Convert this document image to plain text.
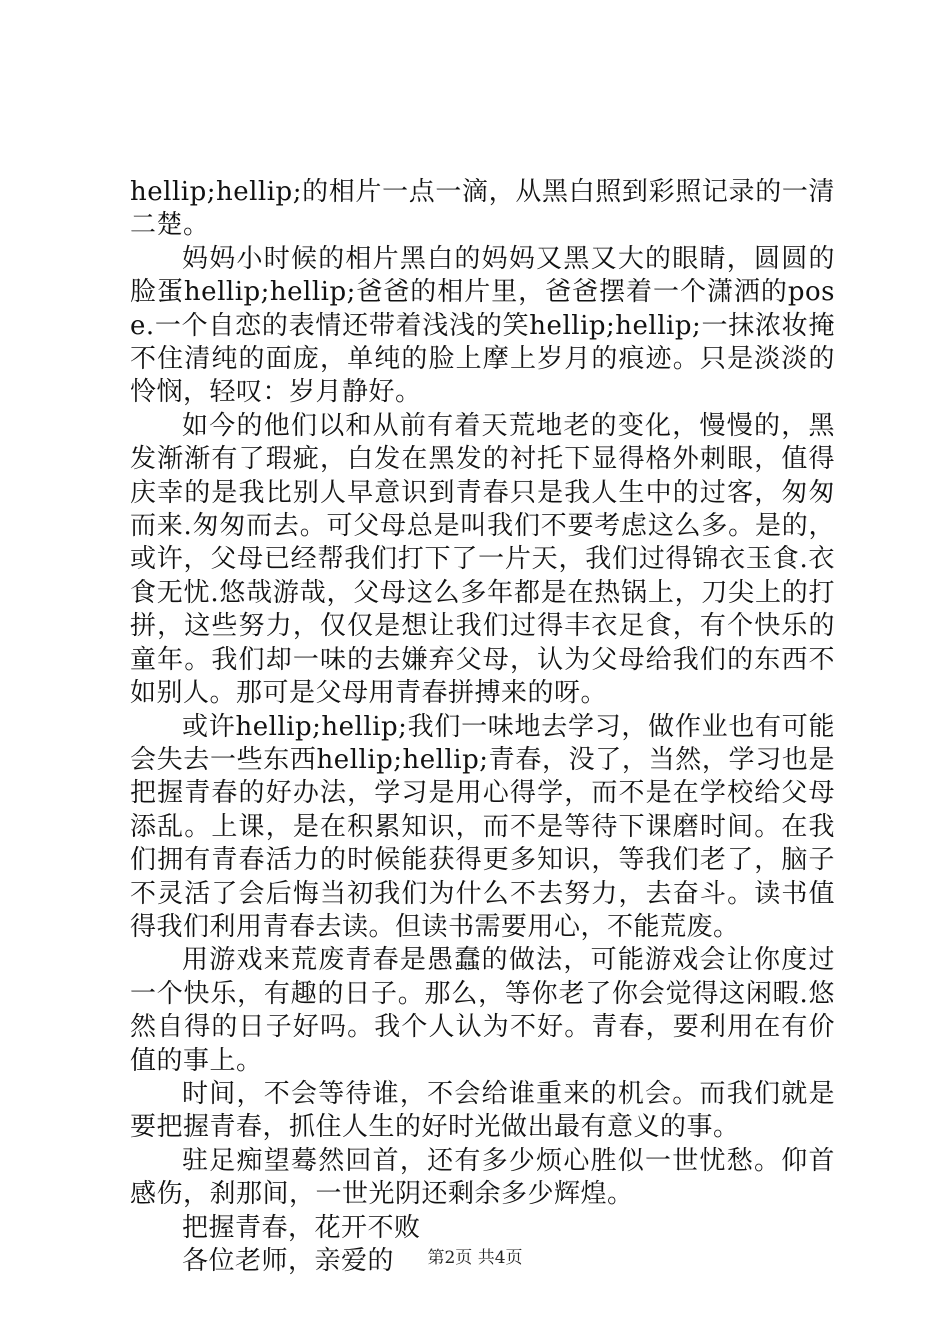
hellip;hellip;的相片一点一滴，从黑白照到彩照记录的一清二楚。

妈妈小时候的相片黑白的妈妈又黑又大的眼睛，圆圆的脸蛋hellip;hellip;爸爸的相片里，爸爸摆着一个潇洒的pose.一个自恋的表情还带着浅浅的笑hellip;hellip;一抹浓妆掩不住清纯的面庞，单纯的脸上摩上岁月的痕迹。只是淡淡的怜悯，轻叹：岁月静好。

如今的他们以和从前有着天荒地老的变化，慢慢的，黑发渐渐有了瑕疵，白发在黑发的衬托下显得格外刺眼，值得庆幸的是我比别人早意识到青春只是我人生中的过客，匆匆而来.匆匆而去。可父母总是叫我们不要考虑这么多。是的，或许，父母已经帮我们打下了一片天，我们过得锦衣玉食.衣食无忧.悠哉游哉，父母这么多年都是在热锅上，刀尖上的打拼，这些努力，仅仅是想让我们过得丰衣足食，有个快乐的童年。我们却一味的去嫌弃父母，认为父母给我们的东西不如别人。那可是父母用青春拼搏来的呀。

或许hellip;hellip;我们一味地去学习，做作业也有可能会失去一些东西hellip;hellip;青春，没了，当然，学习也是把握青春的好办法，学习是用心得学，而不是在学校给父母添乱。上课，是在积累知识，而不是等待下课磨时间。在我们拥有青春活力的时候能获得更多知识，等我们老了，脑子不灵活了会后悔当初我们为什么不去努力，去奋斗。读书值得我们利用青春去读。但读书需要用心，不能荒废。

用游戏来荒废青春是愚蠢的做法，可能游戏会让你度过一个快乐，有趣的日子。那么，等你老了你会觉得这闲暇.悠然自得的日子好吗。我个人认为不好。青春，要利用在有价值的事上。

时间，不会等待谁，不会给谁重来的机会。而我们就是要把握青春，抓住人生的好时光做出最有意义的事。

驻足痴望蓦然回首，还有多少烦心胜似一世忧愁。仰首感伤，刹那间，一世光阴还剩余多少辉煌。

把握青春，花开不败

各位老师，亲爱的	第2页 共4页
